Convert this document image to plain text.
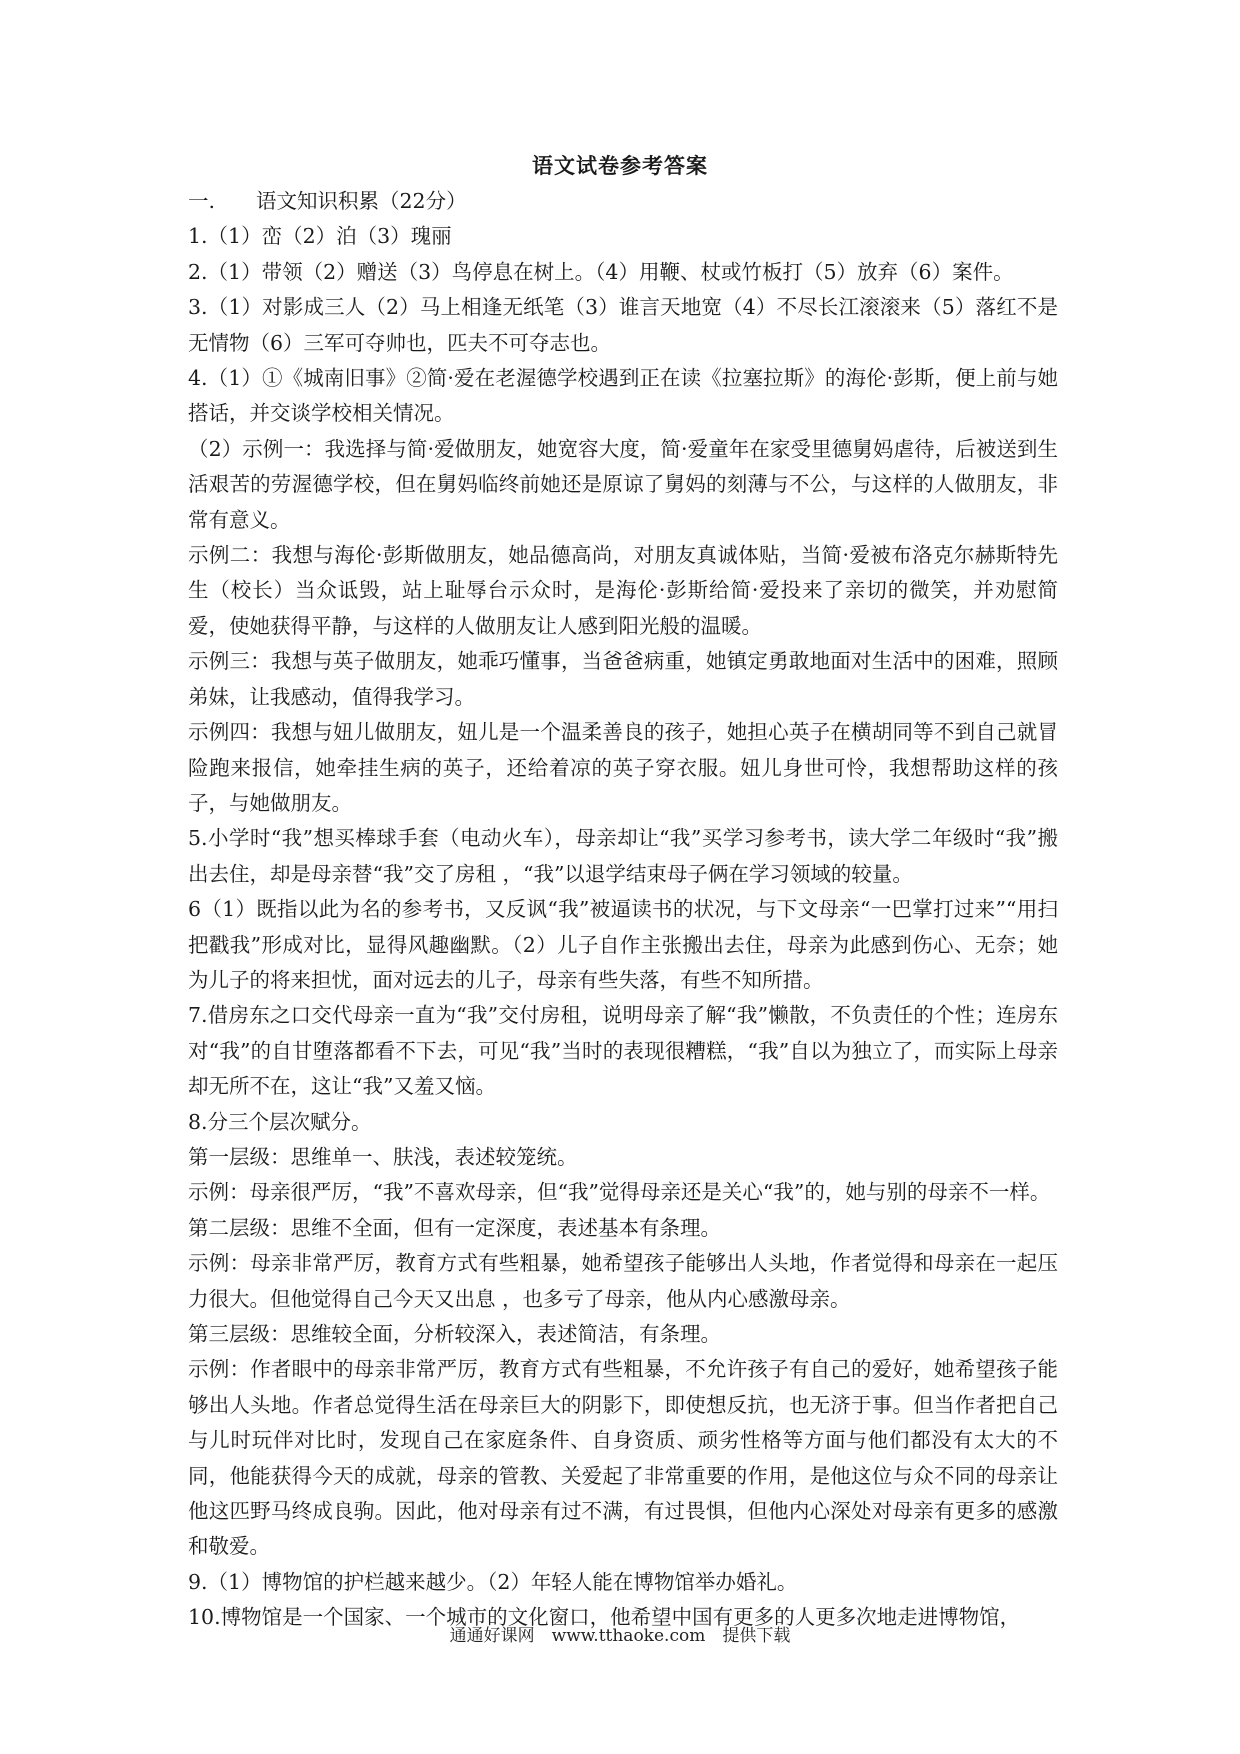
语文试卷参考答案

一.　　语文知识积累（22分）

1.（1）峦（2）泊（3）瑰丽

2.（1）带领（2）赠送（3）鸟停息在树上。（4）用鞭、杖或竹板打（5）放弃（6）案件。

3.（1）对影成三人（2）马上相逢无纸笔（3）谁言天地宽（4）不尽长江滚滚来（5）落红不是无情物（6）三军可夺帅也，匹夫不可夺志也。

4.（1）①《城南旧事》②简·爱在老渥德学校遇到正在读《拉塞拉斯》的海伦·彭斯，便上前与她搭话，并交谈学校相关情况。

（2）示例一：我选择与简·爱做朋友，她宽容大度，简·爱童年在家受里德舅妈虐待，后被送到生活艰苦的劳渥德学校，但在舅妈临终前她还是原谅了舅妈的刻薄与不公，与这样的人做朋友，非常有意义。

示例二：我想与海伦·彭斯做朋友，她品德高尚，对朋友真诚体贴，当简·爱被布洛克尔赫斯特先生（校长）当众诋毁，站上耻辱台示众时，是海伦·彭斯给简·爱投来了亲切的微笑，并劝慰简爱，使她获得平静，与这样的人做朋友让人感到阳光般的温暖。

示例三：我想与英子做朋友，她乖巧懂事，当爸爸病重，她镇定勇敢地面对生活中的困难，照顾弟妹，让我感动，值得我学习。

示例四：我想与妞儿做朋友，妞儿是一个温柔善良的孩子，她担心英子在横胡同等不到自己就冒险跑来报信，她牵挂生病的英子，还给着凉的英子穿衣服。妞儿身世可怜，我想帮助这样的孩子，与她做朋友。

5.小学时“我”想买棒球手套（电动火车），母亲却让“我”买学习参考书，读大学二年级时“我”搬出去住，却是母亲替“我”交了房租 ，“我”以退学结束母子俩在学习领域的较量。

6（1）既指以此为名的参考书，又反讽“我”被逼读书的状况，与下文母亲“一巴掌打过来”“用扫把戳我”形成对比，显得风趣幽默。（2）儿子自作主张搬出去住，母亲为此感到伤心、无奈；她为儿子的将来担忧，面对远去的儿子，母亲有些失落，有些不知所措。

7.借房东之口交代母亲一直为“我”交付房租，说明母亲了解“我”懒散，不负责任的个性；连房东对“我”的自甘堕落都看不下去，可见“我”当时的表现很糟糕，“我”自以为独立了，而实际上母亲却无所不在，这让“我”又羞又恼。

8.分三个层次赋分。

第一层级：思维单一、肤浅，表述较笼统。

示例：母亲很严厉，“我”不喜欢母亲，但“我”觉得母亲还是关心“我”的，她与别的母亲不一样。

第二层级：思维不全面，但有一定深度，表述基本有条理。

示例：母亲非常严厉，教育方式有些粗暴，她希望孩子能够出人头地，作者觉得和母亲在一起压力很大。但他觉得自己今天又出息 ，也多亏了母亲，他从内心感激母亲。

第三层级：思维较全面，分析较深入，表述简洁，有条理。

示例：作者眼中的母亲非常严厉，教育方式有些粗暴，不允许孩子有自己的爱好，她希望孩子能够出人头地。作者总觉得生活在母亲巨大的阴影下，即使想反抗，也无济于事。但当作者把自己与儿时玩伴对比时，发现自己在家庭条件、自身资质、顽劣性格等方面与他们都没有太大的不同，他能获得今天的成就，母亲的管教、关爱起了非常重要的作用，是他这位与众不同的母亲让他这匹野马终成良驹。因此，他对母亲有过不满，有过畏惧，但他内心深处对母亲有更多的感激和敬爱。

9.（1）博物馆的护栏越来越少。（2）年轻人能在博物馆举办婚礼。

10.博物馆是一个国家、一个城市的文化窗口，他希望中国有更多的人更多次地走进博物馆，

通通好课网　www.tthaoke.com　提供下载
